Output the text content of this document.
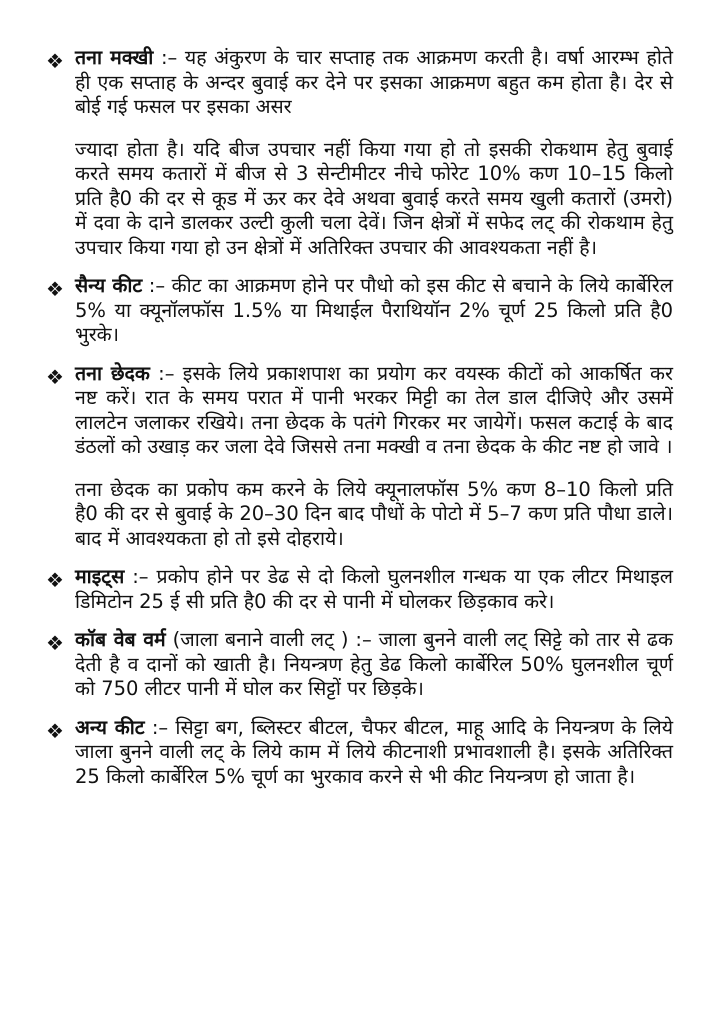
❖ तना मक्खी :– यह अंकुरण के चार सप्ताह तक आक्रमण करती है। वर्षा आरम्भ होते ही एक सप्ताह के अन्दर बुवाई कर देने पर इसका आक्रमण बहुत कम होता है। देर से बोई गई फसल पर इसका असर

ज्यादा होता है। यदि बीज उपचार नहीं किया गया हो तो इसकी रोकथाम हेतु बुवाई करते समय कतारों में बीज से 3 सेन्टीमीटर नीचे फोरेट 10% कण 10–15 किलो प्रति है0 की दर से कूड में ऊर कर देवे अथवा बुवाई करते समय खुली कतारों (उमरो) में दवा के दाने डालकर उल्टी कुली चला देवें। जिन क्षेत्रों में सफेद लट् की रोकथाम हेतु उपचार किया गया हो उन क्षेत्रों में अतिरिक्त उपचार की आवश्यकता नहीं है।

❖ सैन्य कीट :– कीट का आक्रमण होने पर पौधो को इस कीट से बचाने के लिये कार्बेरिल 5% या क्यूनॉलफॉस 1.5% या मिथाईल पैराथियॉन 2% चूर्ण 25 किलो प्रति है0 भुरके।

❖ तना छेदक :– इसके लिये प्रकाशपाश का प्रयोग कर वयस्क कीटों को आकर्षित कर नष्ट करें। रात के समय परात में पानी भरकर मिट्टी का तेल डाल दीजिऐ और उसमें लालटेन जलाकर रखिये। तना छेदक के पतंगे गिरकर मर जायेगें। फसल कटाई के बाद डंठलों को उखाड़ कर जला देवे जिससे तना मक्खी व तना छेदक के कीट नष्ट हो जावे ।

तना छेदक का प्रकोप कम करने के लिये क्यूनालफॉस 5% कण 8–10 किलो प्रति है0 की दर से बुवाई के 20–30 दिन बाद पौधों के पोटो में 5–7 कण प्रति पौधा डाले। बाद में आवश्यकता हो तो इसे दोहराये।

❖ माइट्स :– प्रकोप होने पर डेढ से दो किलो घुलनशील गन्धक या एक लीटर मिथाइल डिमिटोन 25 ई सी प्रति है0 की दर से पानी में घोलकर छिड़काव करे।

❖ कॉब वेब वर्म (जाला बनाने वाली लट् ) :– जाला बुनने वाली लट् सिट्टे को तार से ढक देती है व दानों को खाती है। नियन्त्रण हेतु डेढ किलो कार्बेरिल 50% घुलनशील चूर्ण को 750 लीटर पानी में घोल कर सिट्टों पर छिड़के।

❖ अन्य कीट :– सिट्टा बग, ब्लिस्टर बीटल, चैफर बीटल, माहू आदि के नियन्त्रण के लिये जाला बुनने वाली लट् के लिये काम में लिये कीटनाशी प्रभावशाली है। इसके अतिरिक्त 25 किलो कार्बेरिल 5% चूर्ण का भुरकाव करने से भी कीट नियन्त्रण हो जाता है।
